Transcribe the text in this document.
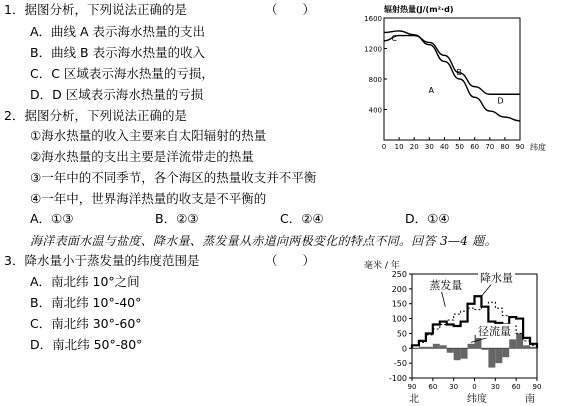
1．据图分析，下列说法正确的是	（　　）
A．曲线 A 表示海水热量的支出
B．曲线 B 表示海水热量的收入
C．C 区域表示海水热量的亏损，
D．D 区域表示海水热量的亏损
2．据图分析，下列说法正确的是
①海水热量的收入主要来自太阳辐射的热量
②海水热量的支出主要是洋流带走的热量
③一年中的不同季节，各个海区的热量收支并不平衡
④一年中，世界海洋热量的收支是不平衡的
A．①③	B．②③	C．②④	D．①④
海洋表面水温与盐度、降水量、蒸发量从赤道向两极变化的特点不同。回答 3—4 题。
3．降水量小于蒸发量的纬度范围是	（　　）
A．南北纬 10°之间
B．南北纬 10°-40°
C．南北纬 30°-60°
D．南北纬 50°-80°
辐射热量(J/(m²·d)
纬度
400
800
1200
1600
0 10 20 30 40 50 60 70 80 90
A
B
C
D
毫米 / 年
-100
-50
0
50
100
150
200
250
90 60 30 0 30 60 90
蒸发量
降水量
径流量
北	纬度	南
